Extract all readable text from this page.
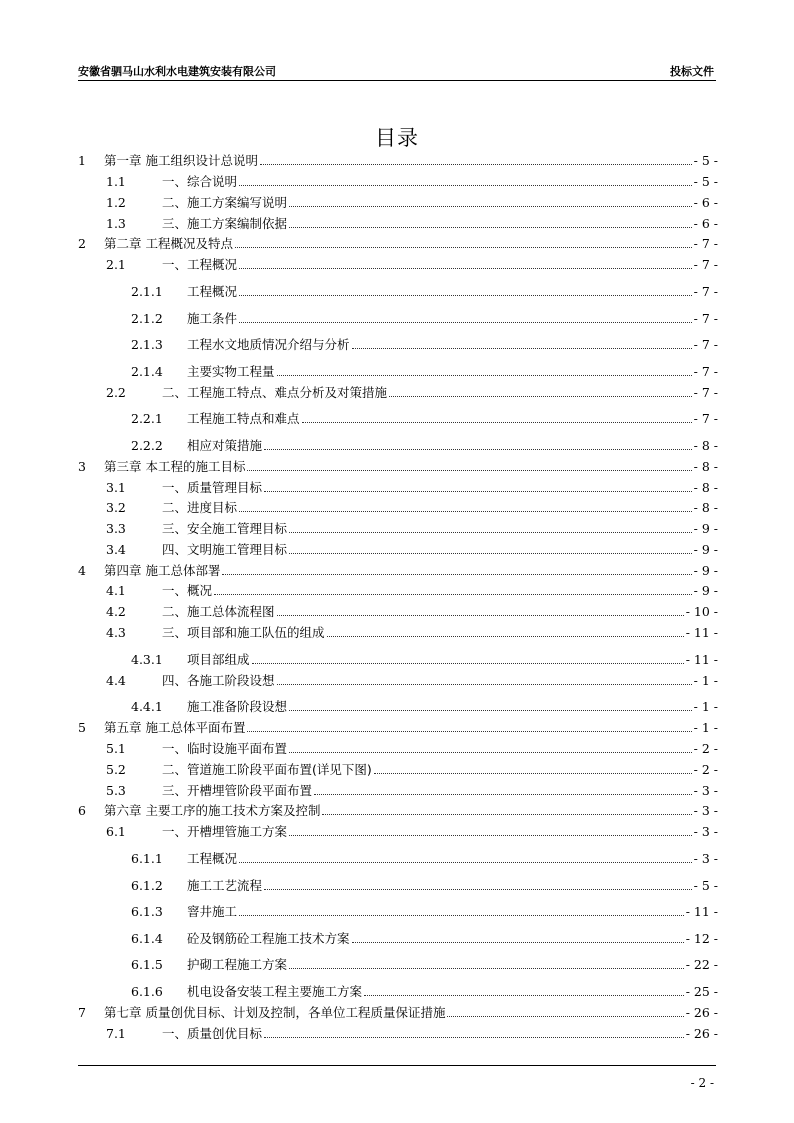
安徽省驷马山水利水电建筑安装有限公司	投标文件
目录
- 2 -
1	第一章 施工组织设计总说明	- 5 -
1.1	一、综合说明	- 5 -
1.2	二、施工方案编写说明	- 6 -
1.3	三、施工方案编制依据	- 6 -
2	第二章 工程概况及特点	- 7 -
2.1	一、工程概况	- 7 -
2.1.1	工程概况	- 7 -
2.1.2	施工条件	- 7 -
2.1.3	工程水文地质情况介绍与分析	- 7 -
2.1.4	主要实物工程量	- 7 -
2.2	二、工程施工特点、难点分析及对策措施	- 7 -
2.2.1	工程施工特点和难点	- 7 -
2.2.2	相应对策措施	- 8 -
3	第三章 本工程的施工目标	- 8 -
3.1	一、质量管理目标	- 8 -
3.2	二、进度目标	- 8 -
3.3	三、安全施工管理目标	- 9 -
3.4	四、文明施工管理目标	- 9 -
4	第四章 施工总体部署	- 9 -
4.1	一、概况	- 9 -
4.2	二、施工总体流程图	- 10 -
4.3	三、项目部和施工队伍的组成	- 11 -
4.3.1	项目部组成	- 11 -
4.4	四、各施工阶段设想	- 1 -
4.4.1	施工准备阶段设想	- 1 -
5	第五章 施工总体平面布置	- 1 -
5.1	一、临时设施平面布置	- 2 -
5.2	二、管道施工阶段平面布置(详见下图)	- 2 -
5.3	三、开槽埋管阶段平面布置	- 3 -
6	第六章 主要工序的施工技术方案及控制	- 3 -
6.1	一、开槽埋管施工方案	- 3 -
6.1.1	工程概况	- 3 -
6.1.2	施工工艺流程	- 5 -
6.1.3	窨井施工	- 11 -
6.1.4	砼及钢筋砼工程施工技术方案	- 12 -
6.1.5	护砌工程施工方案	- 22 -
6.1.6	机电设备安装工程主要施工方案	- 25 -
7	第七章 质量创优目标、计划及控制，各单位工程质量保证措施	- 26 -
7.1	一、质量创优目标	- 26 -
